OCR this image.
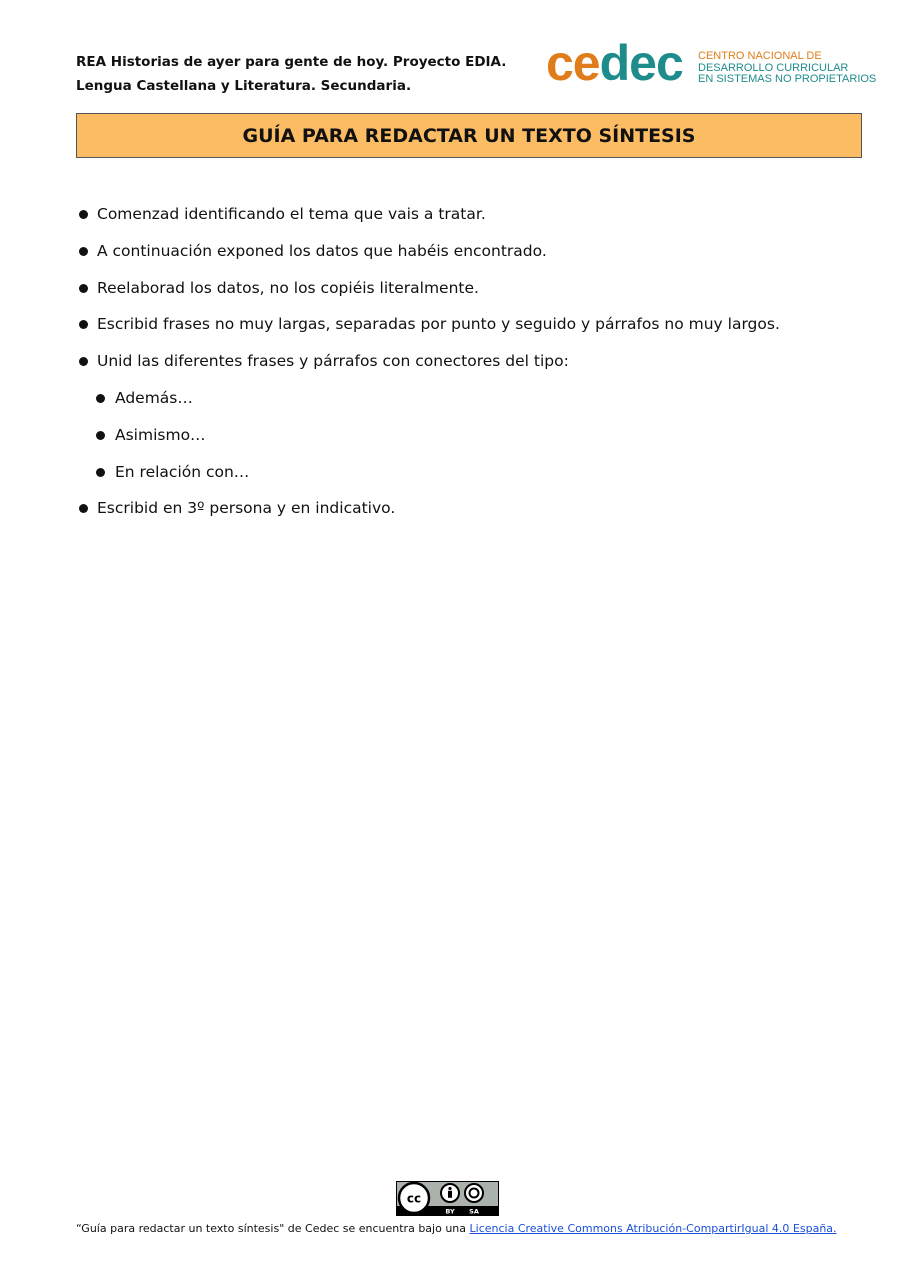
REA Historias de ayer para gente de hoy. Proyecto EDIA.
Lengua Castellana y Literatura. Secundaria.	cedec CENTRO NACIONAL DE
DESARROLLO CURRICULAR
EN SISTEMAS NO PROPIETARIOS
GUÍA PARA REDACTAR UN TEXTO SÍNTESIS
Comenzad identificando el tema que vais a tratar.
A continuación exponed los datos que habéis encontrado.
Reelaborad los datos, no los copiéis literalmente.
Escribid frases no muy largas, separadas por punto y seguido y párrafos no muy largos.
Unid las diferentes frases y párrafos con conectores del tipo:
Además…
Asimismo…
En relación con…
Escribid en 3º persona y en indicativo.
cc
BY SA
“Guía para redactar un texto síntesis" de Cedec se encuentra bajo una Licencia Creative Commons Atribución-CompartirIgual 4.0 España.
